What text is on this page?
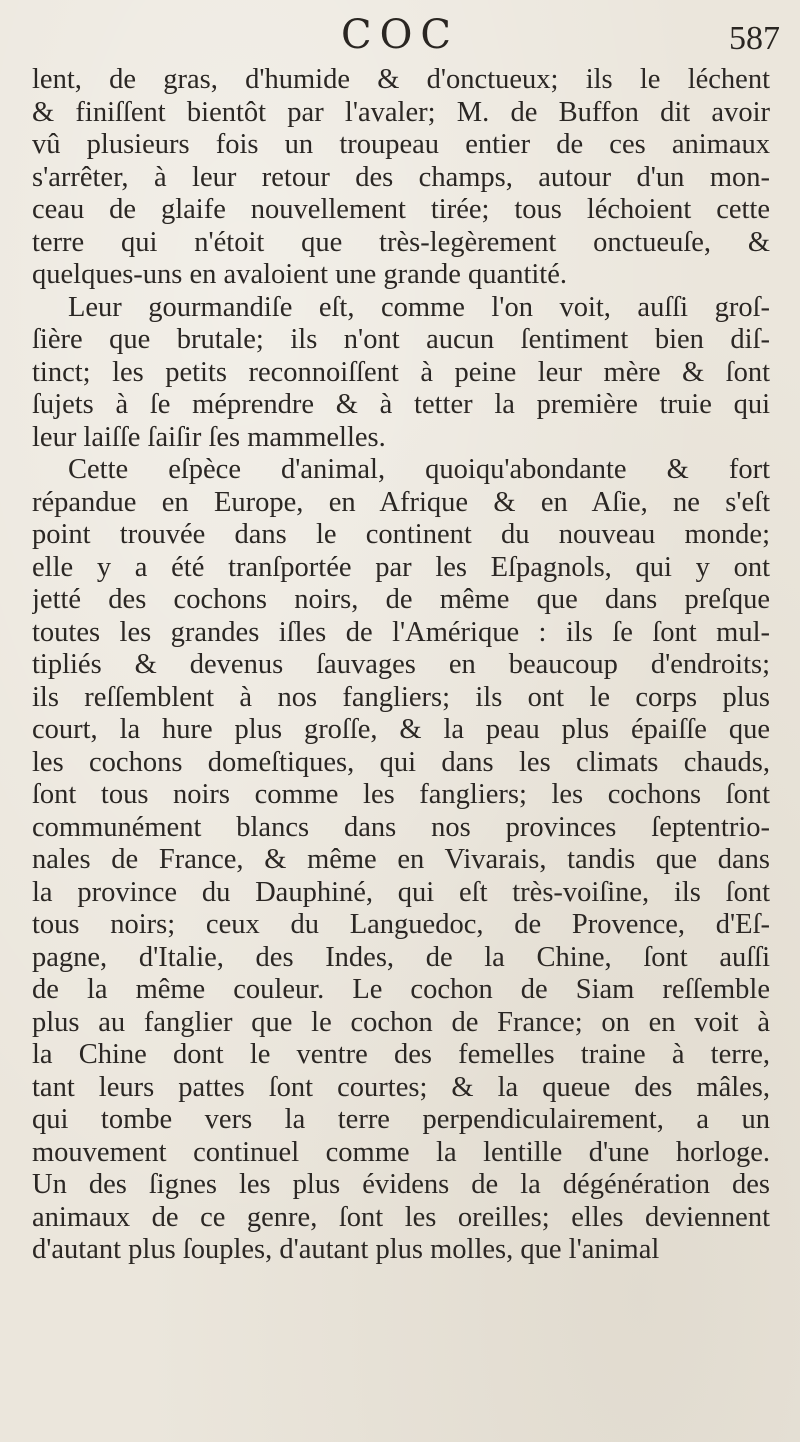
COC	587
lent, de gras, d'humide & d'onctueux; ils le léchent
& finiſſent bientôt par l'avaler; M. de Buffon dit avoir
vû plusieurs fois un troupeau entier de ces animaux
s'arrêter, à leur retour des champs, autour d'un mon-
ceau de glaife nouvellement tirée; tous léchoient cette
terre qui n'étoit que très-legèrement onctueuſe, &
quelques-uns en avaloient une grande quantité.
Leur gourmandiſe eſt, comme l'on voit, auſſi groſ-
ſière que brutale; ils n'ont aucun ſentiment bien diſ-
tinct; les petits reconnoiſſent à peine leur mère & ſont
ſujets à ſe méprendre & à tetter la première truie qui
leur laiſſe ſaiſir ſes mammelles.
Cette eſpèce d'animal, quoiqu'abondante & fort
répandue en Europe, en Afrique & en Aſie, ne s'eſt
point trouvée dans le continent du nouveau monde;
elle y a été tranſportée par les Eſpagnols, qui y ont
jetté des cochons noirs, de même que dans preſque
toutes les grandes iſles de l'Amérique : ils ſe ſont mul-
tipliés & devenus ſauvages en beaucoup d'endroits;
ils reſſemblent à nos fangliers; ils ont le corps plus
court, la hure plus groſſe, & la peau plus épaiſſe que
les cochons domeſtiques, qui dans les climats chauds,
ſont tous noirs comme les fangliers; les cochons ſont
communément blancs dans nos provinces ſeptentrio-
nales de France, & même en Vivarais, tandis que dans
la province du Dauphiné, qui eſt très-voiſine, ils ſont
tous noirs; ceux du Languedoc, de Provence, d'Eſ-
pagne, d'Italie, des Indes, de la Chine, ſont auſſi
de la même couleur. Le cochon de Siam reſſemble
plus au fanglier que le cochon de France; on en voit à
la Chine dont le ventre des femelles traine à terre,
tant leurs pattes ſont courtes; & la queue des mâles,
qui tombe vers la terre perpendiculairement, a un
mouvement continuel comme la lentille d'une horloge.
Un des ſignes les plus évidens de la dégénération des
animaux de ce genre, ſont les oreilles; elles deviennent
d'autant plus ſouples, d'autant plus molles, que l'animal
